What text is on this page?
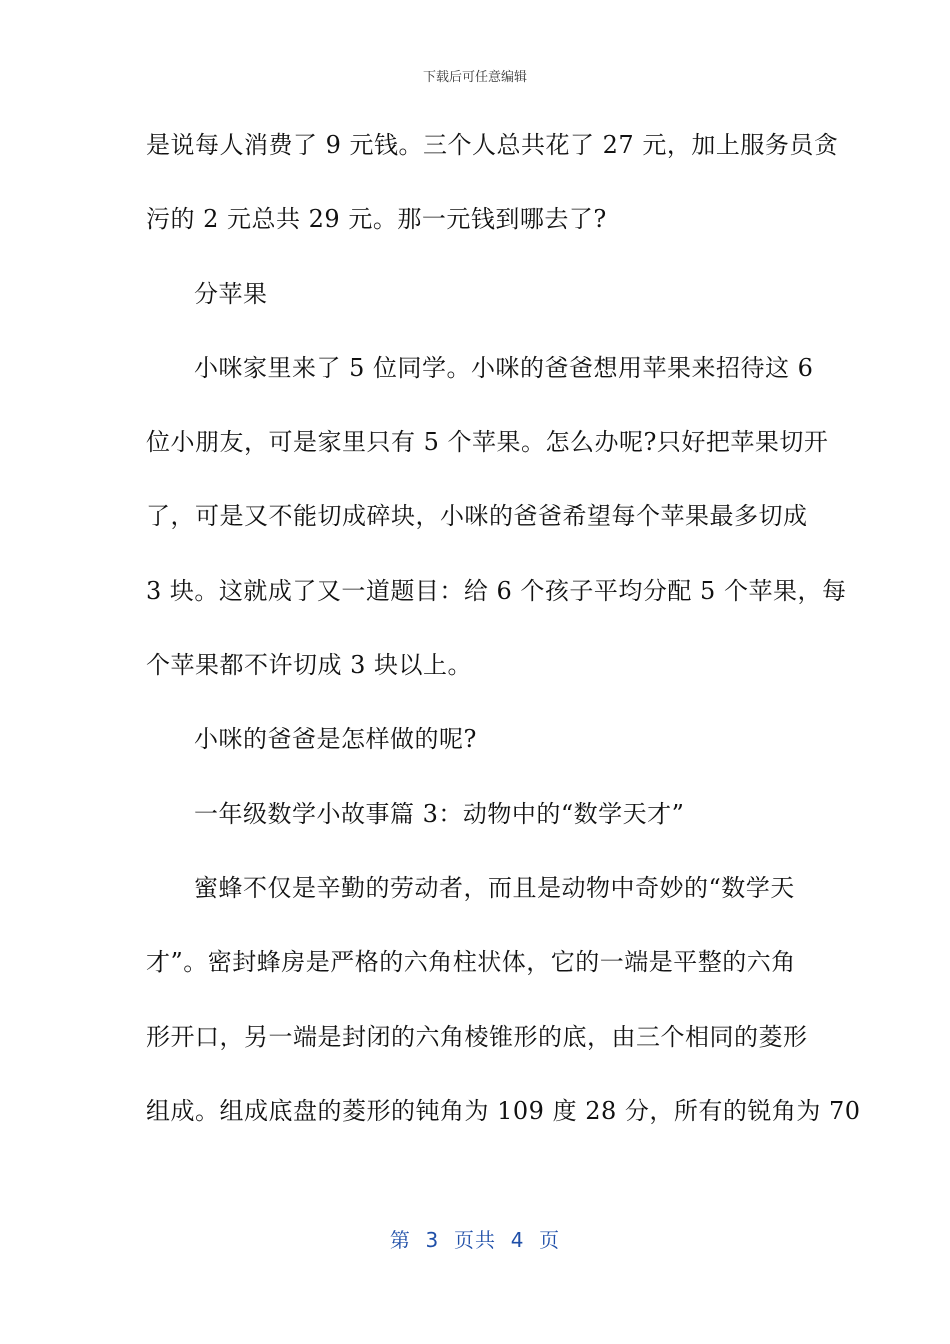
下载后可任意编辑
是说每人消费了 9 元钱。三个人总共花了 27 元，加上服务员贪
污的 2 元总共 29 元。那一元钱到哪去了?
分苹果
小咪家里来了 5 位同学。小咪的爸爸想用苹果来招待这 6
位小朋友，可是家里只有 5 个苹果。怎么办呢?只好把苹果切开
了，可是又不能切成碎块，小咪的爸爸希望每个苹果最多切成
3 块。这就成了又一道题目：给 6 个孩子平均分配 5 个苹果，每
个苹果都不许切成 3 块以上。
小咪的爸爸是怎样做的呢?
一年级数学小故事篇 3：动物中的“数学天才”
蜜蜂不仅是辛勤的劳动者，而且是动物中奇妙的“数学天
才”。密封蜂房是严格的六角柱状体，它的一端是平整的六角
形开口，另一端是封闭的六角棱锥形的底，由三个相同的菱形
组成。组成底盘的菱形的钝角为 109 度 28 分，所有的锐角为 70
第  3  页共  4  页
